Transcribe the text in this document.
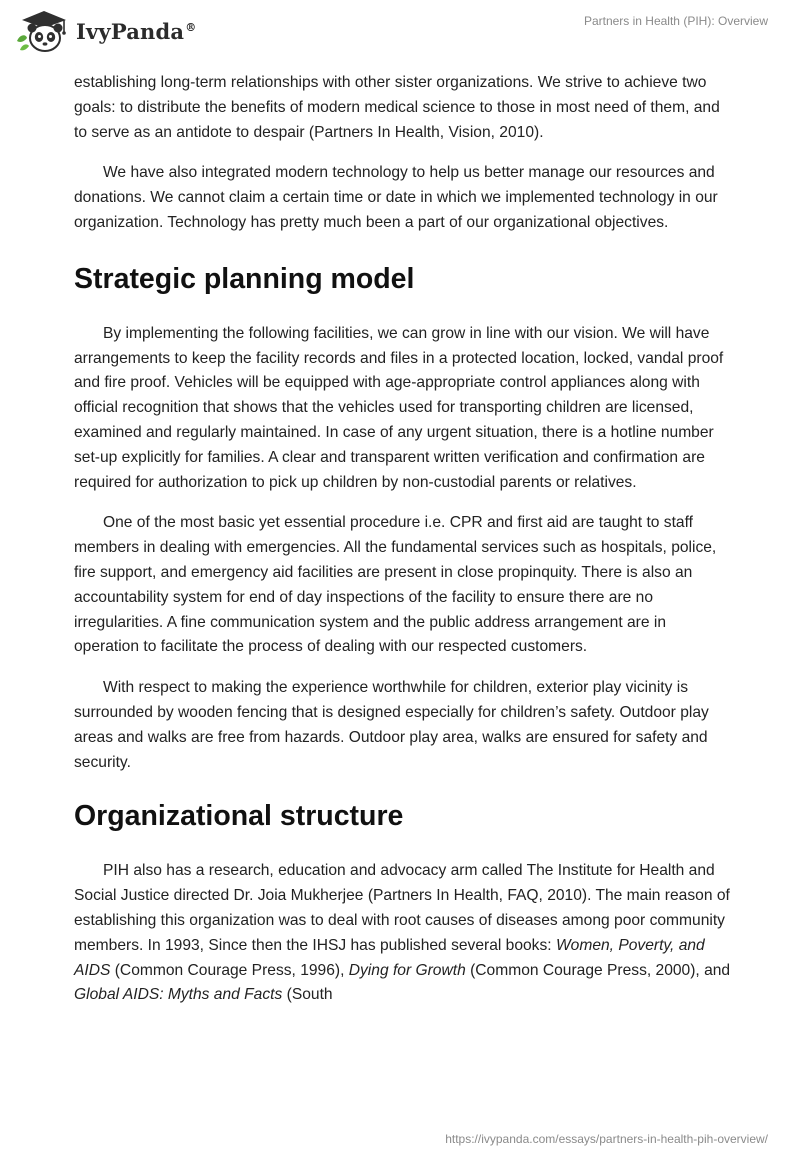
IvyPanda®	Partners in Health (PIH): Overview

establishing long-term relationships with other sister organizations. We strive to achieve two goals: to distribute the benefits of modern medical science to those in most need of them, and to serve as an antidote to despair (Partners In Health, Vision, 2010).

We have also integrated modern technology to help us better manage our resources and donations. We cannot claim a certain time or date in which we implemented technology in our organization. Technology has pretty much been a part of our organizational objectives.

Strategic planning model

By implementing the following facilities, we can grow in line with our vision. We will have arrangements to keep the facility records and files in a protected location, locked, vandal proof and fire proof. Vehicles will be equipped with age-appropriate control appliances along with official recognition that shows that the vehicles used for transporting children are licensed, examined and regularly maintained. In case of any urgent situation, there is a hotline number set-up explicitly for families. A clear and transparent written verification and confirmation are required for authorization to pick up children by non-custodial parents or relatives.

One of the most basic yet essential procedure i.e. CPR and first aid are taught to staff members in dealing with emergencies. All the fundamental services such as hospitals, police, fire support, and emergency aid facilities are present in close propinquity. There is also an accountability system for end of day inspections of the facility to ensure there are no irregularities. A fine communication system and the public address arrangement are in operation to facilitate the process of dealing with our respected customers.

With respect to making the experience worthwhile for children, exterior play vicinity is surrounded by wooden fencing that is designed especially for children’s safety. Outdoor play areas and walks are free from hazards. Outdoor play area, walks are ensured for safety and security.

Organizational structure

PIH also has a research, education and advocacy arm called The Institute for Health and Social Justice directed Dr. Joia Mukherjee (Partners In Health, FAQ, 2010). The main reason of establishing this organization was to deal with root causes of diseases among poor community members. In 1993, Since then the IHSJ has published several books: Women, Poverty, and AIDS (Common Courage Press, 1996), Dying for Growth (Common Courage Press, 2000), and Global AIDS: Myths and Facts (South

https://ivypanda.com/essays/partners-in-health-pih-overview/
